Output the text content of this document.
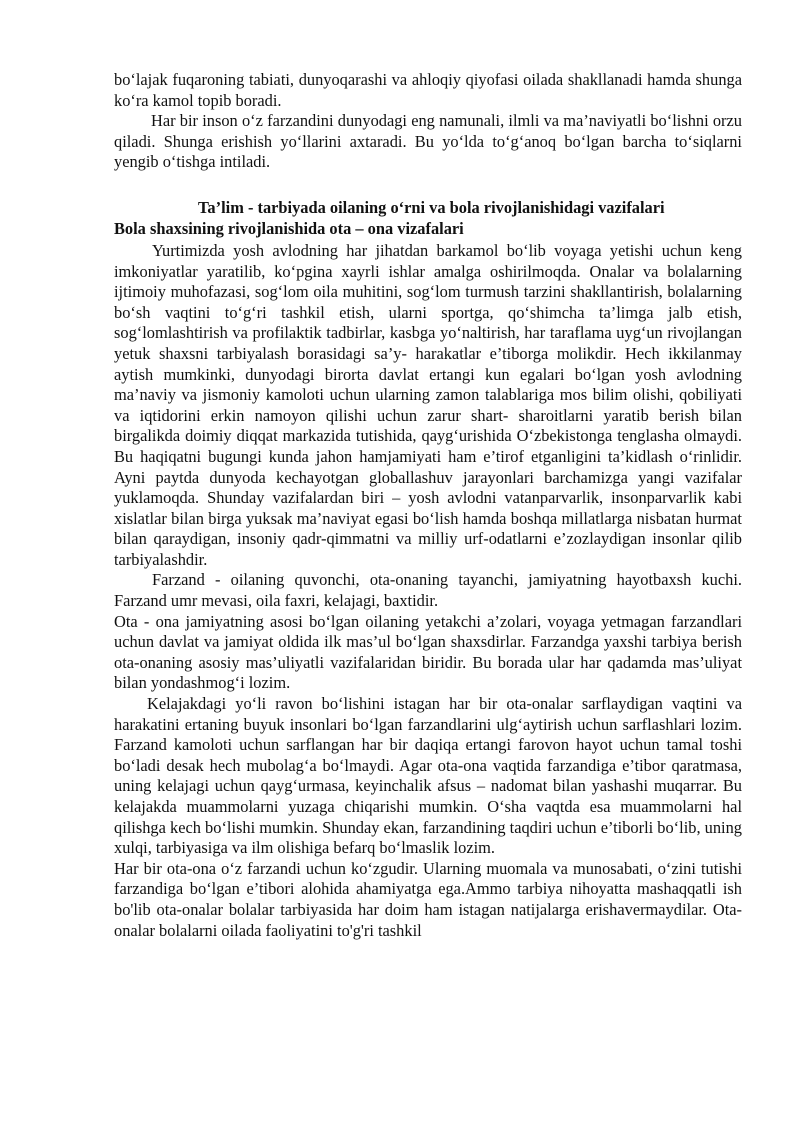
bo‘lajak fuqaroning tabiati, dunyoqarashi va ahloqiy qiyofasi oilada shakllanadi hamda shunga ko‘ra kamol topib boradi.

Har bir inson o‘z farzandini dunyodagi eng namunali, ilmli va ma’naviyatli bo‘lishni orzu qiladi. Shunga erishish yo‘llarini axtaradi. Bu yo‘lda to‘g‘anoq bo‘lgan barcha to‘siqlarni yengib o‘tishga intiladi.

Ta’lim - tarbiyada oilaning o‘rni va bola rivojlanishidagi vazifalari

Bola shaxsining rivojlanishida ota – ona vizafalari

Yurtimizda yosh avlodning har jihatdan barkamol bo‘lib voyaga yetishi uchun keng imkoniyatlar yaratilib, ko‘pgina xayrli ishlar amalga oshirilmoqda. Onalar va bolalarning ijtimoiy muhofazasi, sog‘lom oila muhitini, sog‘lom turmush tarzini shakllantirish, bolalarning bo‘sh vaqtini to‘g‘ri tashkil etish, ularni sportga, qo‘shimcha ta’limga jalb etish, sog‘lomlashtirish va profilaktik tadbirlar, kasbga yo‘naltirish, har taraflama uyg‘un rivojlangan yetuk shaxsni tarbiyalash borasidagi sa’y- harakatlar e’tiborga molikdir. Hech ikkilanmay aytish mumkinki, dunyodagi birorta davlat ertangi kun egalari bo‘lgan yosh avlodning ma’naviy va jismoniy kamoloti uchun ularning zamon talablariga mos bilim olishi, qobiliyati va iqtidorini erkin namoyon qilishi uchun zarur shart- sharoitlarni yaratib berish bilan birgalikda doimiy diqqat markazida tutishida, qayg‘urishida O‘zbekistonga tenglasha olmaydi. Bu haqiqatni bugungi kunda jahon hamjamiyati ham e’tirof etganligini ta’kidlash o‘rinlidir. Ayni paytda dunyoda kechayotgan globallashuv jarayonlari barchamizga yangi vazifalar yuklamoqda. Shunday vazifalardan biri – yosh avlodni vatanparvarlik, insonparvarlik kabi xislatlar bilan birga yuksak ma’naviyat egasi bo‘lish hamda boshqa millatlarga nisbatan hurmat bilan qaraydigan, insoniy qadr-qimmatni va milliy urf-odatlarni e’zozlaydigan insonlar qilib tarbiyalashdir.

Farzand - oilaning quvonchi, ota-onaning tayanchi, jamiyatning hayotbaxsh kuchi. Farzand umr mevasi, oila faxri, kelajagi, baxtidir.

Ota - ona jamiyatning asosi bo‘lgan oilaning yetakchi a’zolari, voyaga yetmagan farzandlari uchun davlat va jamiyat oldida ilk mas’ul bo‘lgan shaxsdirlar. Farzandga yaxshi tarbiya berish ota-onaning asosiy mas’uliyatli vazifalaridan biridir. Bu borada ular har qadamda mas’uliyat bilan yondashmog‘i lozim.

Kelajakdagi yo‘li ravon bo‘lishini istagan har bir ota-onalar sarflaydigan vaqtini va harakatini ertaning buyuk insonlari bo‘lgan farzandlarini ulg‘aytirish uchun sarflashlari lozim. Farzand kamoloti uchun sarflangan har bir daqiqa ertangi farovon hayot uchun tamal toshi bo‘ladi desak hech mubolag‘a bo‘lmaydi. Agar ota-ona vaqtida farzandiga e’tibor qaratmasa, uning kelajagi uchun qayg‘urmasa, keyinchalik afsus – nadomat bilan yashashi muqarrar. Bu kelajakda muammolarni yuzaga chiqarishi mumkin. O‘sha vaqtda esa muammolarni hal qilishga kech bo‘lishi mumkin. Shunday ekan, farzandining taqdiri uchun e’tiborli bo‘lib, uning xulqi, tarbiyasiga va ilm olishiga befarq bo‘lmaslik lozim.

Har bir ota-ona o‘z farzandi uchun ko‘zgudir. Ularning muomala va munosabati, o‘zini tutishi farzandiga bo‘lgan e’tibori alohida ahamiyatga ega.Ammo tarbiya nihoyatta mashaqqatli ish bo'lib ota-onalar bolalar tarbiyasida har doim ham istagan natijalarga erishavermaydilar. Ota-onalar bolalarni oilada faoliyatini to'g'ri tashkil
